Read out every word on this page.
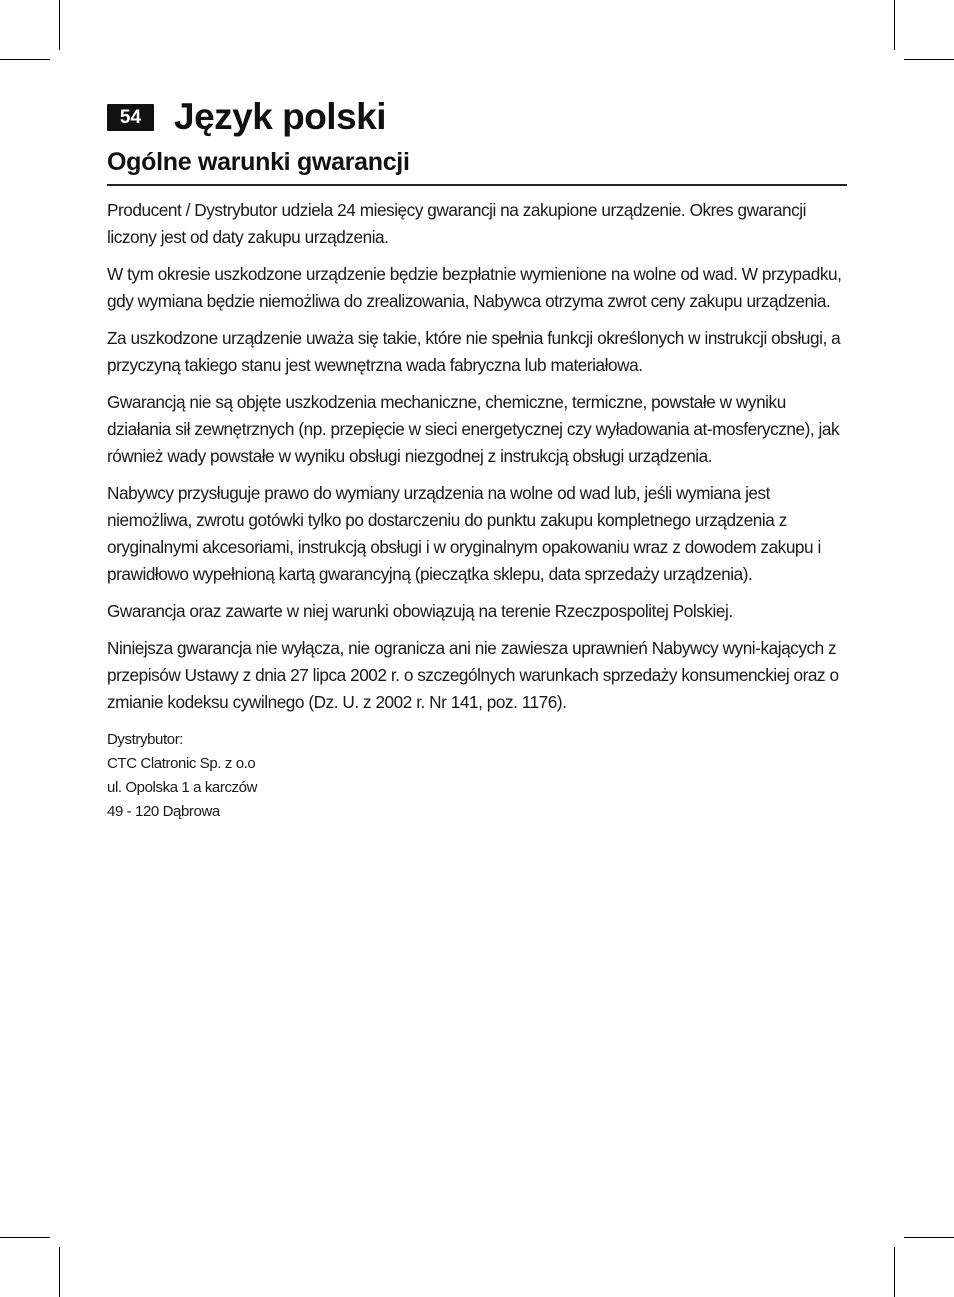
54 Język polski
Ogólne warunki gwarancji

Producent / Dystrybutor udziela 24 miesięcy gwarancji na zakupione urządzenie. Okres gwarancji liczony jest od daty zakupu urządzenia.

W tym okresie uszkodzone urządzenie będzie bezpłatnie wymienione na wolne od wad. W przypadku, gdy wymiana będzie niemożliwa do zrealizowania, Nabywca otrzyma zwrot ceny zakupu urządzenia.

Za uszkodzone urządzenie uważa się takie, które nie spełnia funkcji określonych w instrukcji obsługi, a przyczyną takiego stanu jest wewnętrzna wada fabryczna lub materiałowa.

Gwarancją nie są objęte uszkodzenia mechaniczne, chemiczne, termiczne, powstałe w wyniku działania sił zewnętrznych (np. przepięcie w sieci energetycznej czy wyładowania at-mosferyczne), jak również wady powstałe w wyniku obsługi niezgodnej z instrukcją obsługi urządzenia.

Nabywcy przysługuje prawo do wymiany urządzenia na wolne od wad lub, jeśli wymiana jest niemożliwa, zwrotu gotówki tylko po dostarczeniu do punktu zakupu kompletnego urządzenia z oryginalnymi akcesoriami, instrukcją obsługi i w oryginalnym opakowaniu wraz z dowodem zakupu i prawidłowo wypełnioną kartą gwarancyjną (pieczątka sklepu, data sprzedaży urządzenia).

Gwarancja oraz zawarte w niej warunki obowiązują na terenie Rzeczpospolitej Polskiej.

Niniejsza gwarancja nie wyłącza, nie ogranicza ani nie zawiesza uprawnień Nabywcy wyni-kających z przepisów Ustawy z dnia 27 lipca 2002 r. o szczególnych warunkach sprzedaży konsumenckiej oraz o zmianie kodeksu cywilnego (Dz. U. z 2002 r. Nr 141, poz. 1176).

Dystrybutor:
CTC Clatronic Sp. z o.o
ul. Opolska 1 a karczów
49 - 120 Dąbrowa
